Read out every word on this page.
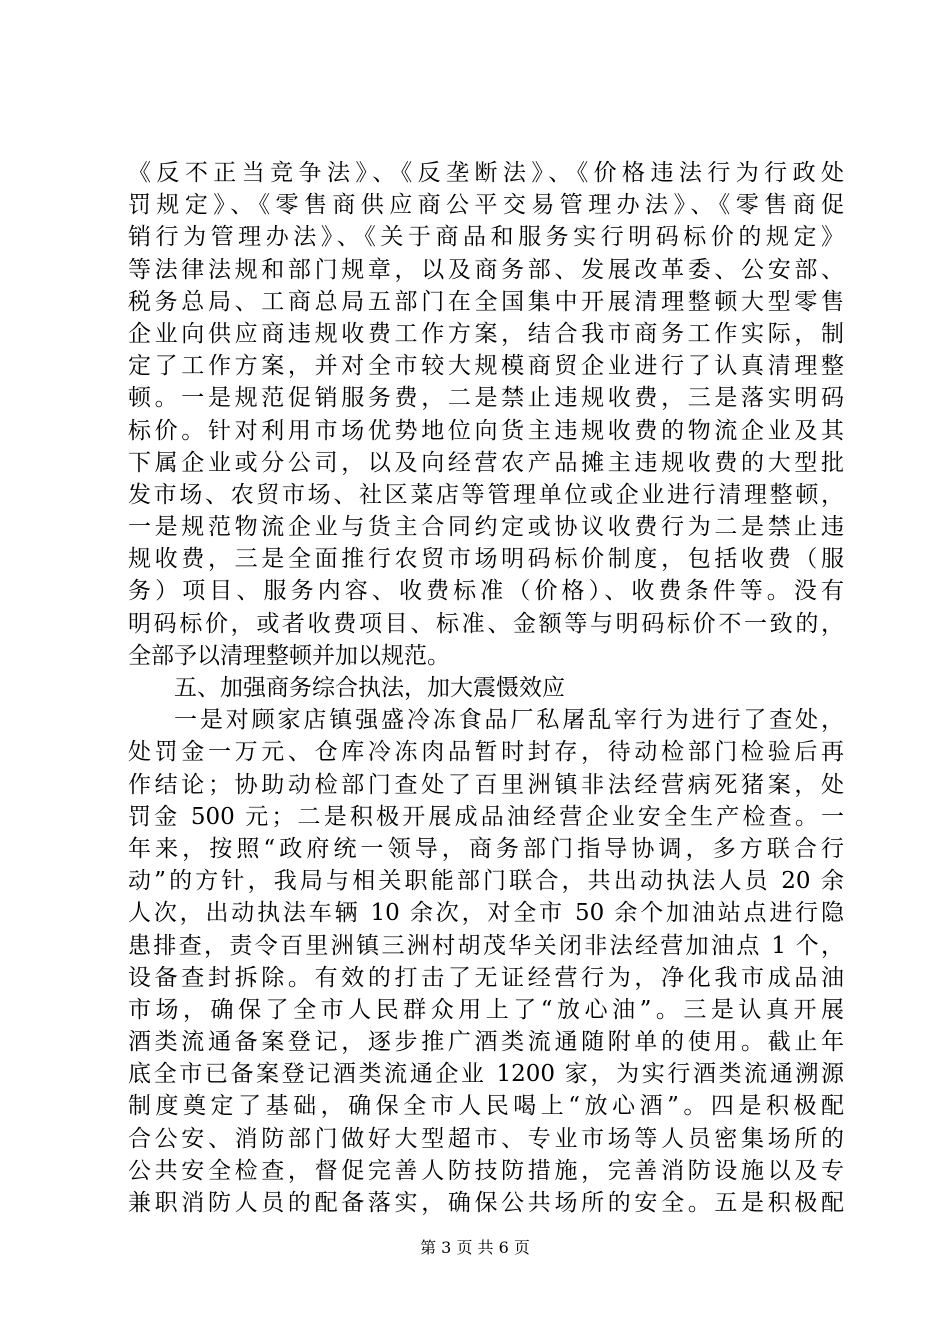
《反不正当竞争法》、《反垄断法》、《价格违法行为行政处
罚规定》、《零售商供应商公平交易管理办法》、《零售商促
销行为管理办法》、《关于商品和服务实行明码标价的规定》
等法律法规和部门规章，以及商务部、发展改革委、公安部、
税务总局、工商总局五部门在全国集中开展清理整顿大型零售
企业向供应商违规收费工作方案，结合我市商务工作实际，制
定了工作方案，并对全市较大规模商贸企业进行了认真清理整
顿。一是规范促销服务费，二是禁止违规收费，三是落实明码
标价。针对利用市场优势地位向货主违规收费的物流企业及其
下属企业或分公司，以及向经营农产品摊主违规收费的大型批
发市场、农贸市场、社区菜店等管理单位或企业进行清理整顿，
一是规范物流企业与货主合同约定或协议收费行为二是禁止违
规收费，三是全面推行农贸市场明码标价制度，包括收费（服
务）项目、服务内容、收费标准（价格）、收费条件等。没有
明码标价，或者收费项目、标准、金额等与明码标价不一致的，
全部予以清理整顿并加以规范。
五、加强商务综合执法，加大震慑效应
一是对顾家店镇强盛冷冻食品厂私屠乱宰行为进行了查处，
处罚金一万元、仓库冷冻肉品暂时封存，待动检部门检验后再
作结论；协助动检部门查处了百里洲镇非法经营病死猪案，处
罚金 500 元；二是积极开展成品油经营企业安全生产检查。一
年来，按照“政府统一领导，商务部门指导协调，多方联合行
动”的方针，我局与相关职能部门联合，共出动执法人员 20 余
人次，出动执法车辆 10 余次，对全市 50 余个加油站点进行隐
患排查，责令百里洲镇三洲村胡茂华关闭非法经营加油点 1 个，
设备查封拆除。有效的打击了无证经营行为，净化我市成品油
市场，确保了全市人民群众用上了“放心油”。三是认真开展
酒类流通备案登记，逐步推广酒类流通随附单的使用。截止年
底全市已备案登记酒类流通企业 1200 家，为实行酒类流通溯源
制度奠定了基础，确保全市人民喝上“放心酒”。四是积极配
合公安、消防部门做好大型超市、专业市场等人员密集场所的
公共安全检查，督促完善人防技防措施，完善消防设施以及专
兼职消防人员的配备落实，确保公共场所的安全。五是积极配
第 3 页 共 6 页
